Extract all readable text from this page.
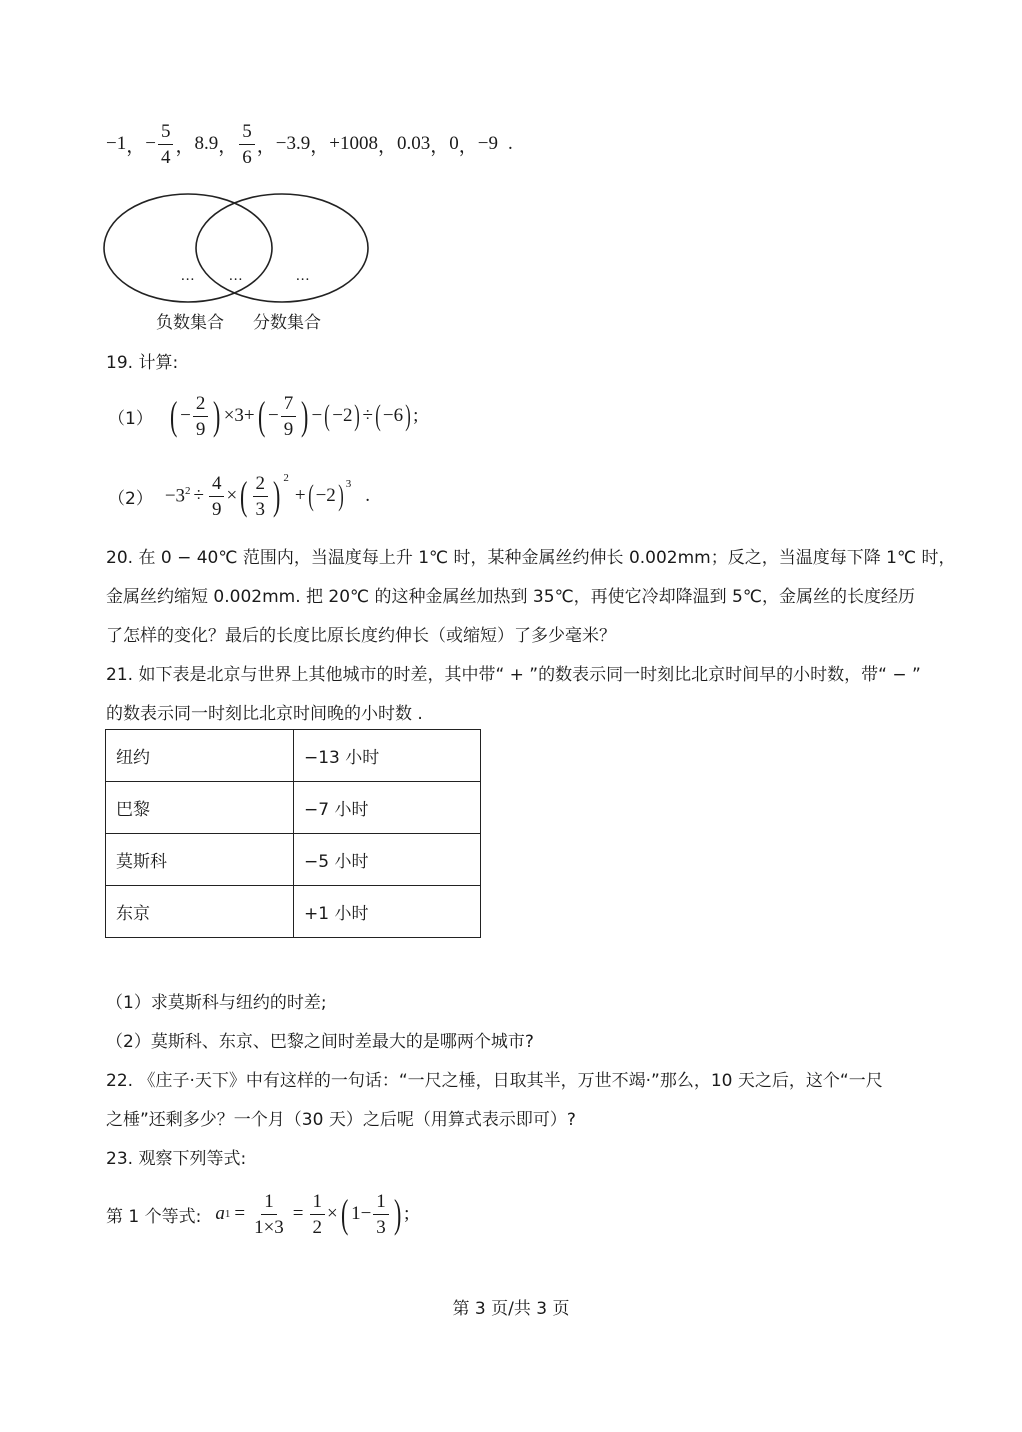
−1 ， − $\frac{5}{4}$ ， 8.9 ， $\frac{5}{6}$ ， −3.9 ， +1008 ， 0.03 ， 0 ， −9 .
... ...	...
负数集合 分数集合
19. 计算:
（1） ( − $\frac{2}{9}$ ) ×3+ ( − $\frac{7}{9}$ ) − ( −2 ) ÷ ( −6 ) ;
$(2) -3^2 \div \frac{4}{9}$ × ( $\frac{2}{3}$ ) $^2$
+ ( −2 )$^3$
.
20. 在 0 − 40℃ 范围内，当温度每上升 1℃ 时，某种金属丝约伸长 0.002mm；反之，当温度每下降 1℃ 时，
金属丝约缩短 0.002mm. 把 20℃ 的这种金属丝加热到 35℃，再使它冷却降温到 5℃，金属丝的长度经历
了怎样的变化？最后的长度比原长度约伸长（或缩短）了多少毫米？
21. 如下表是北京与世界上其他城市的时差，其中带“ + ”的数表示同一时刻比北京时间早的小时数，带“ − ”
的数表示同一时刻比北京时间晚的小时数 .
纽约	−13 小时
巴黎	−7 小时
莫斯科	−5 小时
东京	+1 小时
（1）求莫斯科与纽约的时差;
（2）莫斯科、东京、巴黎之间时差最大的是哪两个城市?
22. 《庄子·天下》中有这样的一句话：“一尺之棰，日取其半，万世不竭·”那么，10 天之后，这个“一尺
之棰”还剩多少？一个月（30 天）之后呢（用算式表示即可）?
23. 观察下列等式:
第 1 个等式: a $1 = \frac{1}{1\times 3} = \frac{1}{2}$ × ( $1- \frac{1}{3}$ ) ;
第 3 页/共 3 页
